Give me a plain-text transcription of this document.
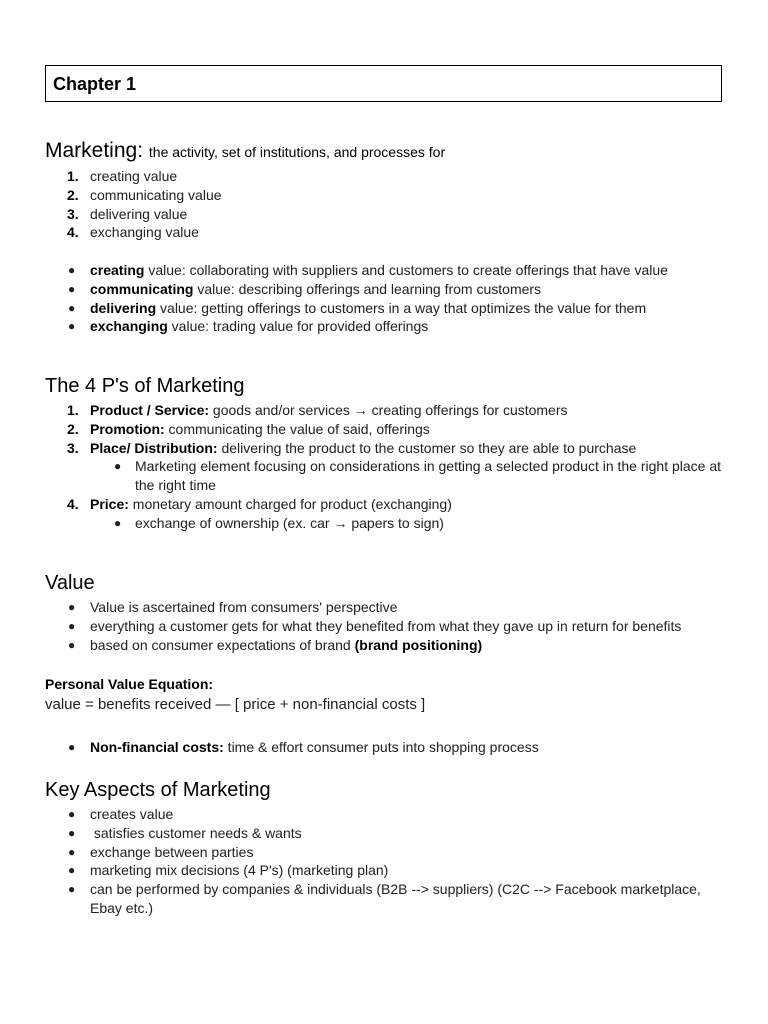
Chapter 1
Marketing: the activity, set of institutions, and processes for
1. creating value
2. communicating value
3. delivering value
4. exchanging value
● creating value: collaborating with suppliers and customers to create offerings that have value
● communicating value: describing offerings and learning from customers
● delivering value: getting offerings to customers in a way that optimizes the value for them
● exchanging value: trading value for provided offerings
The 4 P's of Marketing
1. Product / Service: goods and/or services → creating offerings for customers
2. Promotion: communicating the value of said, offerings
3. Place/ Distribution: delivering the product to the customer so they are able to purchase
● Marketing element focusing on considerations in getting a selected product in the right place at
the right time
4. Price: monetary amount charged for product (exchanging)
● exchange of ownership (ex. car → papers to sign)
Value
● Value is ascertained from consumers' perspective
● everything a customer gets for what they benefited from what they gave up in return for benefits
● based on consumer expectations of brand (brand positioning)
Personal Value Equation:
value = benefits received — [ price + non-financial costs ]
● Non-financial costs: time & effort consumer puts into shopping process
Key Aspects of Marketing
● creates value
● satisfies customer needs & wants
● exchange between parties
● marketing mix decisions (4 P's) (marketing plan)
● can be performed by companies & individuals (B2B --> suppliers) (C2C --> Facebook marketplace,
Ebay etc.)
